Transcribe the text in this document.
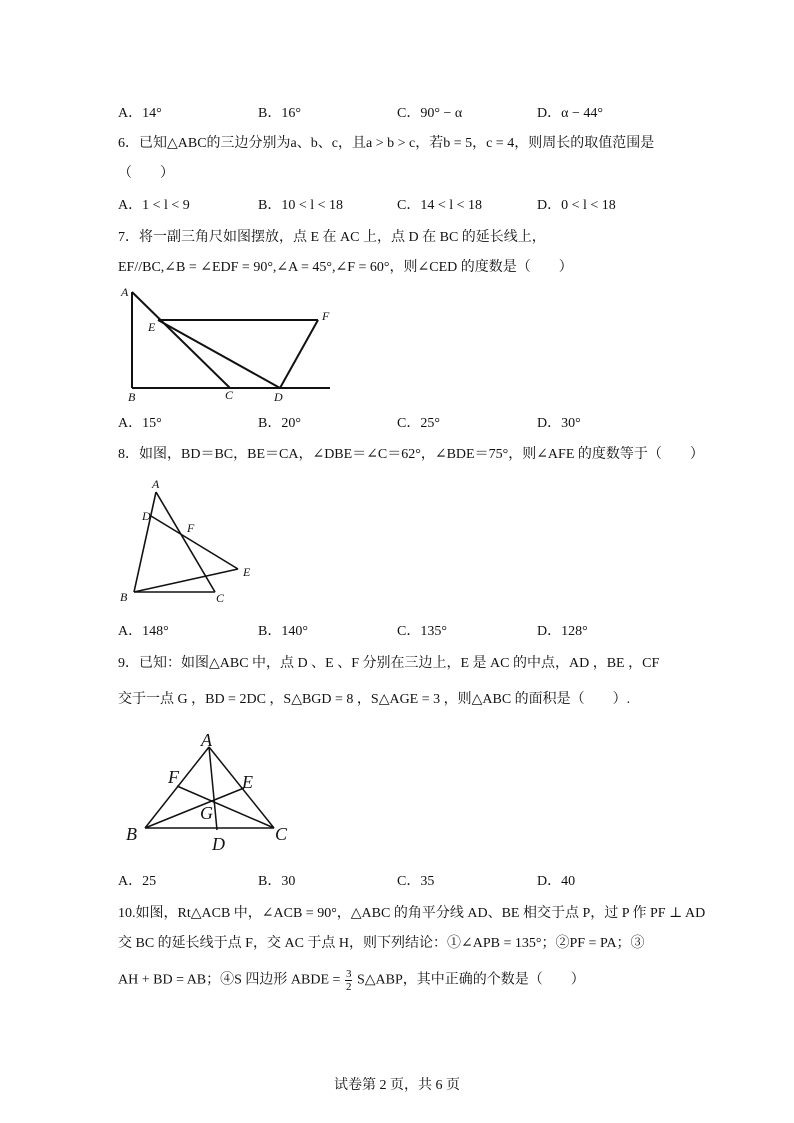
A．14°	B．16°	C．90° − α	D．α − 44°
6．已知△ABC的三边分别为a、b、c，且a > b > c，若b = 5，c = 4，则周长的取值范围是
（　　）
A．1 < l < 9	B．10 < l < 18	C．14 < l < 18	D．0 < l < 18
7．将一副三角尺如图摆放，点 E 在 AC 上，点 D 在 BC 的延长线上，
EF//BC,∠B = ∠EDF = 90°,∠A = 45°,∠F = 60°，则∠CED 的度数是（　　）
A
E
F
B	C	D
A．15°	B．20°	C．25°	D．30°
8．如图，BD＝BC，BE＝CA，∠DBE＝∠C＝62°，∠BDE＝75°，则∠AFE 的度数等于（　　）
A
D
F
E
B	C
A．148°	B．140°	C．135°	D．128°
9．已知：如图△ABC 中，点 D 、E 、F 分别在三边上，E 是 AC 的中点，AD ，BE ，CF
交于一点 G ，BD = 2DC ，S△BGD = 8 ，S△AGE = 3 ，则△ABC 的面积是（　　）.
A
F	E
G
B	D	C
A．25	B．30	C．35	D．40
10.如图，Rt△ACB 中，∠ACB = 90°，△ABC 的角平分线 AD、BE 相交于点 P，过 P 作 PF ⊥ AD
交 BC 的延长线于点 F，交 AC 于点 H，则下列结论：①∠APB = 135°；②PF = PA；③
AH + BD = AB；④S 四边形 ABDE = $\frac{3}{2}$ S△ABP，其中正确的个数是（　　）
试卷第 2 页，共 6 页
